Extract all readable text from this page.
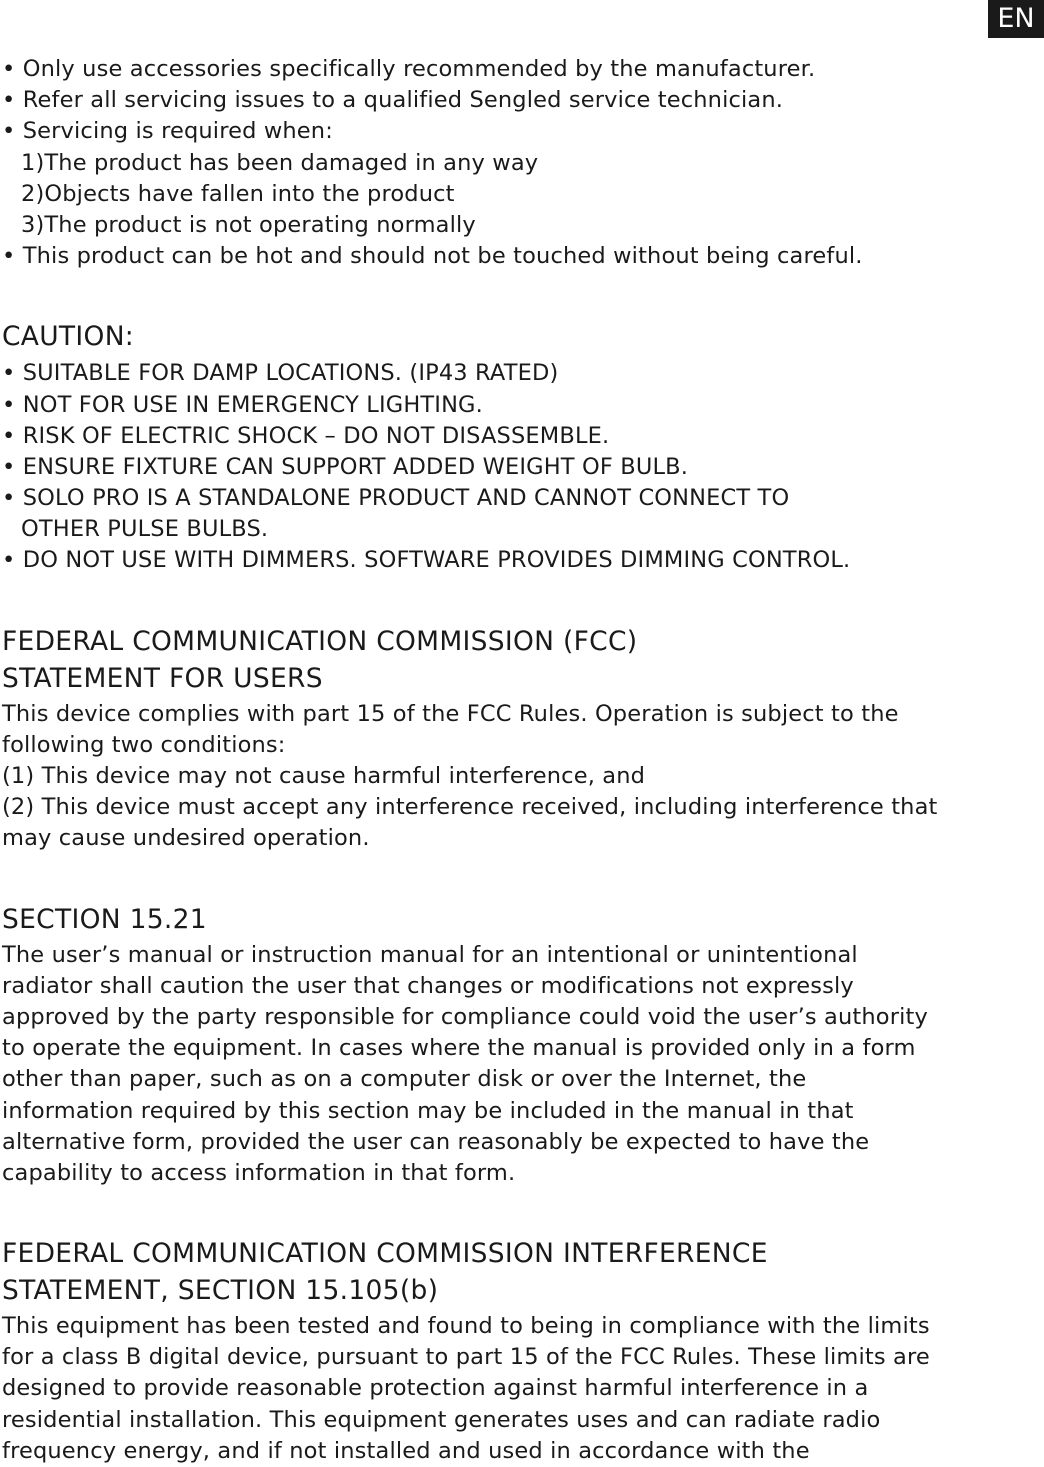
EN
• Only use accessories specifically recommended by the manufacturer.
• Refer all servicing issues to a qualified Sengled service technician.
• Servicing is required when:
1)The product has been damaged in any way
2)Objects have fallen into the product
3)The product is not operating normally
• This product can be hot and should not be touched without being careful.
CAUTION:
• SUITABLE FOR DAMP LOCATIONS. (IP43 RATED)
• NOT FOR USE IN EMERGENCY LIGHTING.
• RISK OF ELECTRIC SHOCK – DO NOT DISASSEMBLE.
• ENSURE FIXTURE CAN SUPPORT ADDED WEIGHT OF BULB.
• SOLO PRO IS A STANDALONE PRODUCT AND CANNOT CONNECT TO
OTHER PULSE BULBS.
• DO NOT USE WITH DIMMERS. SOFTWARE PROVIDES DIMMING CONTROL.
FEDERAL COMMUNICATION COMMISSION (FCC)
STATEMENT FOR USERS
This device complies with part 15 of the FCC Rules. Operation is subject to the
following two conditions:
(1) This device may not cause harmful interference, and
(2) This device must accept any interference received, including interference that
may cause undesired operation.
SECTION 15.21
The user’s manual or instruction manual for an intentional or unintentional
radiator shall caution the user that changes or modifications not expressly
approved by the party responsible for compliance could void the user’s authority
to operate the equipment. In cases where the manual is provided only in a form
other than paper, such as on a computer disk or over the Internet, the
information required by this section may be included in the manual in that
alternative form, provided the user can reasonably be expected to have the
capability to access information in that form.
FEDERAL COMMUNICATION COMMISSION INTERFERENCE
STATEMENT, SECTION 15.105(b)
This equipment has been tested and found to being in compliance with the limits
for a class B digital device, pursuant to part 15 of the FCC Rules. These limits are
designed to provide reasonable protection against harmful interference in a
residential installation. This equipment generates uses and can radiate radio
frequency energy, and if not installed and used in accordance with the
